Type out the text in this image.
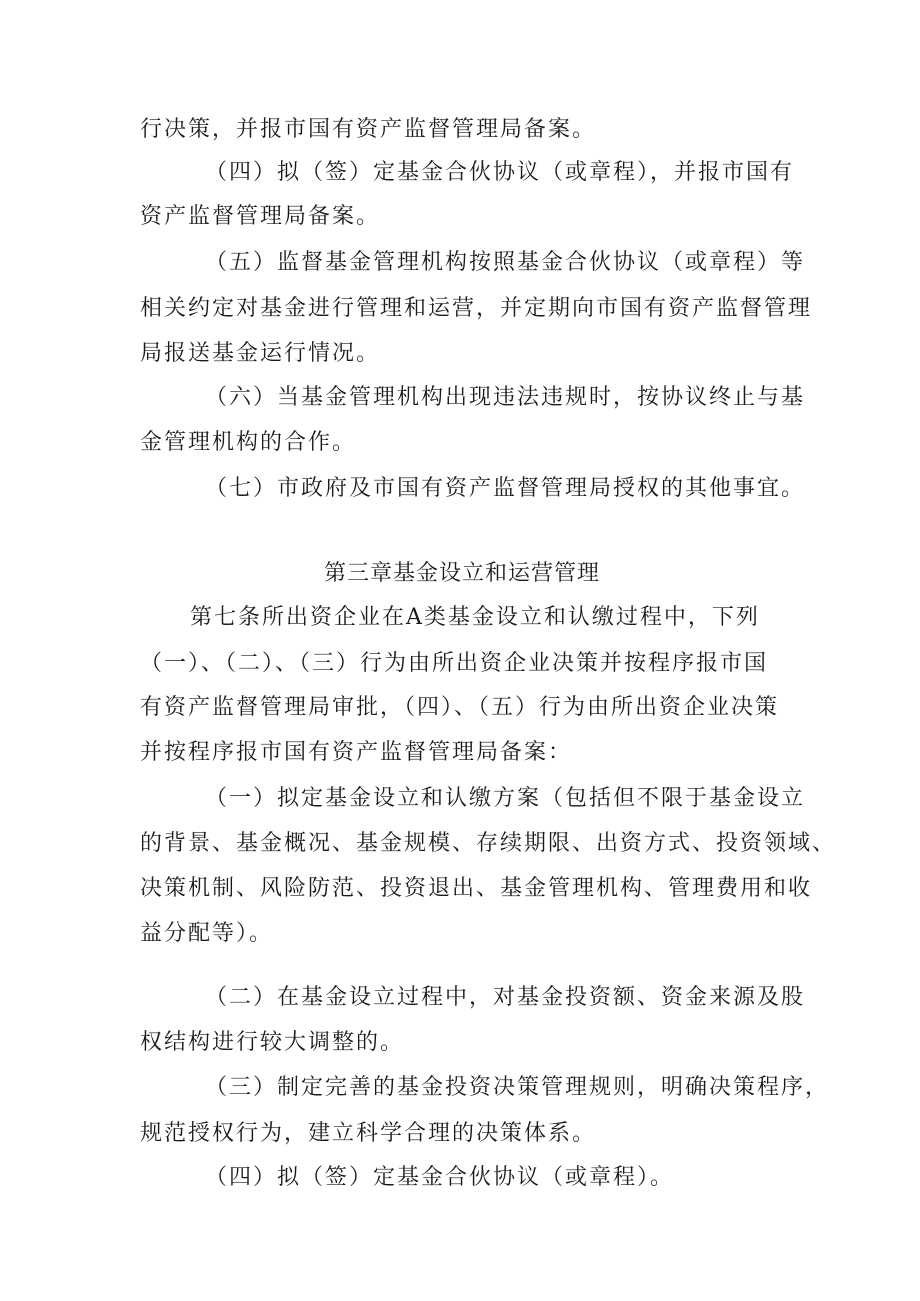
行决策，并报市国有资产监督管理局备案。
（四）拟（签）定基金合伙协议（或章程），并报市国有
资产监督管理局备案。
（五）监督基金管理机构按照基金合伙协议（或章程）等
相关约定对基金进行管理和运营，并定期向市国有资产监督管理
局报送基金运行情况。
（六）当基金管理机构出现违法违规时，按协议终止与基
金管理机构的合作。
（七）市政府及市国有资产监督管理局授权的其他事宜。
第三章基金设立和运营管理
第七条所出资企业在A类基金设立和认缴过程中，下列
（一）、（二）、（三）行为由所出资企业决策并按程序报市国
有资产监督管理局审批，（四）、（五）行为由所出资企业决策
并按程序报市国有资产监督管理局备案：
（一）拟定基金设立和认缴方案（包括但不限于基金设立
的背景、基金概况、基金规模、存续期限、出资方式、投资领域、
决策机制、风险防范、投资退出、基金管理机构、管理费用和收
益分配等）。
（二）在基金设立过程中，对基金投资额、资金来源及股
权结构进行较大调整的。
（三）制定完善的基金投资决策管理规则，明确决策程序，
规范授权行为，建立科学合理的决策体系。
（四）拟（签）定基金合伙协议（或章程）。
